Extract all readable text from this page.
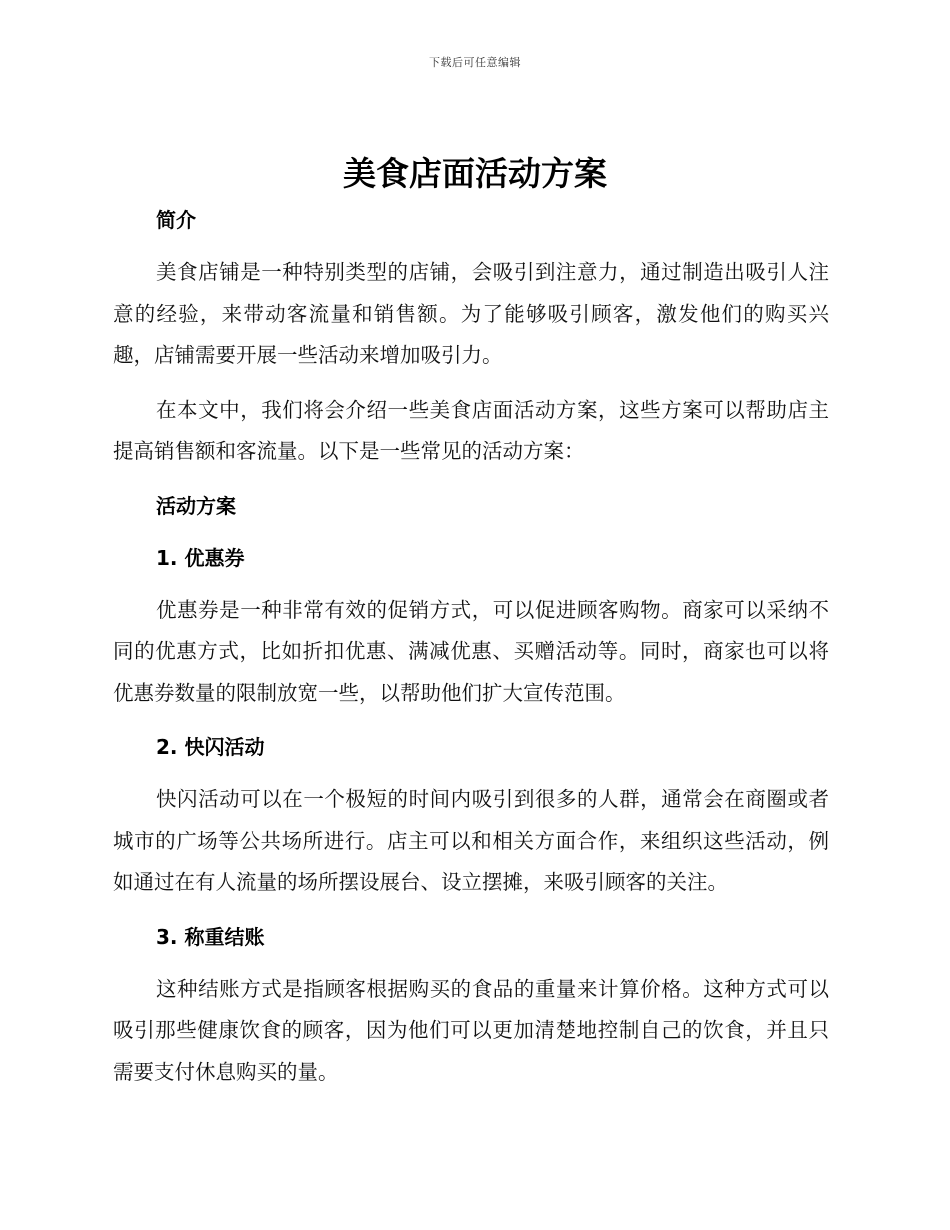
下载后可任意编辑
美食店面活动方案
简介

美食店铺是一种特别类型的店铺，会吸引到注意力，通过制造出吸引人注意的经验，来带动客流量和销售额。为了能够吸引顾客，激发他们的购买兴趣，店铺需要开展一些活动来增加吸引力。

在本文中，我们将会介绍一些美食店面活动方案，这些方案可以帮助店主提高销售额和客流量。以下是一些常见的活动方案：

活动方案
1. 优惠券

优惠券是一种非常有效的促销方式，可以促进顾客购物。商家可以采纳不同的优惠方式，比如折扣优惠、满减优惠、买赠活动等。同时，商家也可以将优惠券数量的限制放宽一些，以帮助他们扩大宣传范围。

2. 快闪活动

快闪活动可以在一个极短的时间内吸引到很多的人群，通常会在商圈或者城市的广场等公共场所进行。店主可以和相关方面合作，来组织这些活动，例如通过在有人流量的场所摆设展台、设立摆摊，来吸引顾客的关注。

3. 称重结账

这种结账方式是指顾客根据购买的食品的重量来计算价格。这种方式可以吸引那些健康饮食的顾客，因为他们可以更加清楚地控制自己的饮食，并且只需要支付休息购买的量。
